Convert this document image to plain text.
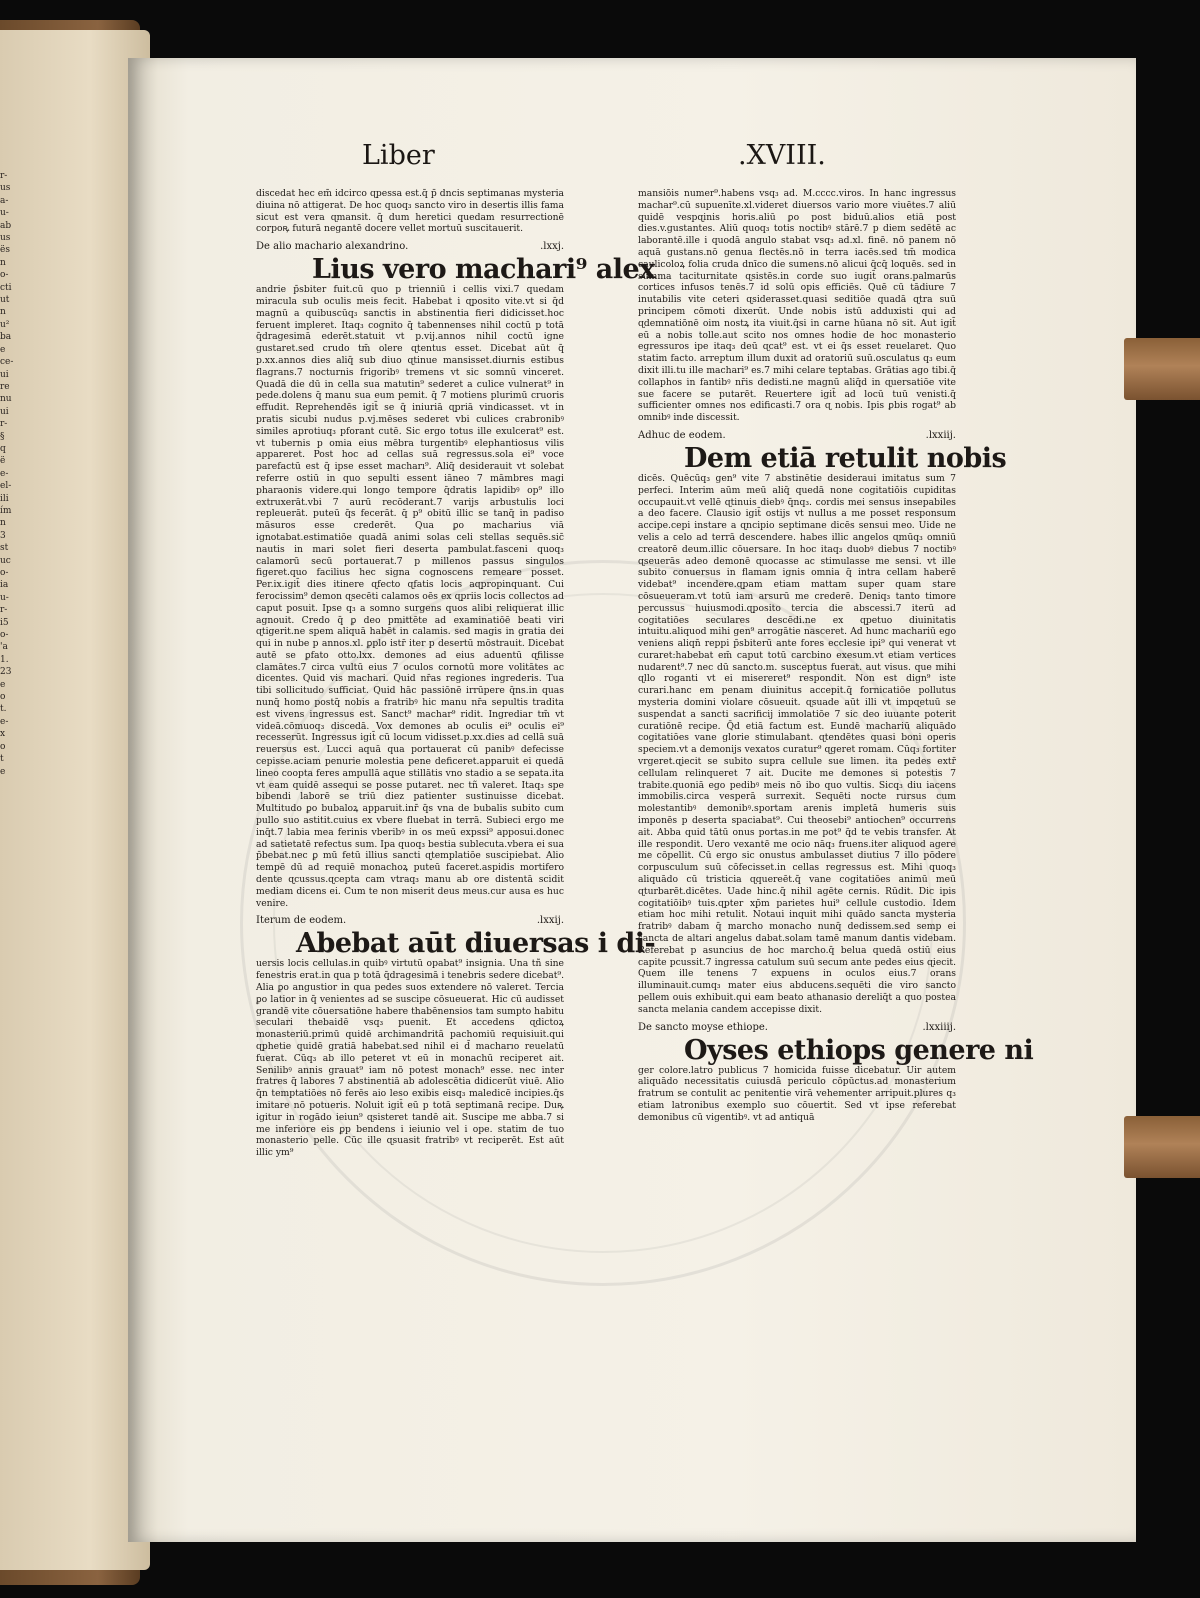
r-
us
a-
u-
ab
us
ës
n
o-
cti
ut
n
u²
ba
e
ce-
ui
re
nu
ui
r-
§
q
ë
e-
el-
ili
ím
n
3
st
uc
o-
ia
u-
r-
i5
o-
'a
1.
23
e
o
t.
e-
x
o
t
e
Liber	.XVIII.

discedat hec em̄ idcirco ɋpessa est.q̄ p̄ dncis septimanas mysteria diuina nō attigerat. De hoc quoq₃ sancto viro in desertis illis fama sicut est vera ɋmansit. q̄ dum heretici quedam resurrectionē corpoꝶ futurā negantē docere vellet mortuū suscitauerit.

De alio machario alexandrino.	.lxxj.
Lius vero machari⁹ alex

andrie p̄sbiter fuit.cū quo p trienniū i cellis vixi.7 quedam miracula sub oculis meis fecit. Habebat i ɋposito vite.vt si q̄d magnū a quibuscūq₃ sanctis in abstinentia fieri didicisset.hoc feruent impleret. Itaq₃ cognito q̄ tabennenses nihil coctū p totā q̄dragesimā ederēt.statuit vt p.vij.annos nihil coctū igne gustaret.sed crudo tm̄ olere ɋtentus esset. Dicebat aūt q̄ p.xx.annos dies aliq̄ sub diuo ɋtinue mansisset.diurnis estibus flagrans.7 nocturnis frigoribꝰ tremens vt sic somnū vinceret. Quadā die dū in cella sua matutin⁹ sederet a culice vulnerat⁹ in pede.dolens q̄ manu sua eum pemit. q̄ 7 motiens plurimū cruoris effudit. Reprehendēs igit̄ se q̄ iniuriā ɋpriā vindicasset. vt in pratis sicubi nudus p.vj.mēses sederet vbi culices crabronibꝰ similes aprotiuq₃ pforant cutē. Sic ergo totus ille exulcerat⁹ est. vt tubernis p omia eius mēbra turgentibꝰ elephantiosus vilis appareret. Post hoc ad cellas suā regressus.sola ei⁹ voce parefactū est q̄ ipse esset macharı⁹. Aliq̄ desiderauit vt solebat referre ostiū in quo sepulti essent iāneo 7 māmbres magi pharaonis videre.qui longo tempore q̄dratis lapidibꝰ op⁹ illo extruxerāt.vbi 7 aurū recōderant.7 varijs arbustulis loci repleuerāt. puteū q̄s fecerāt. q̄ p⁹ obitū illic se tanq̄ in padiso māsuros esse crederēt. Qua ꝑo macharius viā ignotabat.estimatiōe quadā animi solas celi stellas sequēs.sic̄ nautis in mari solet fieri deserta pambulat.fasceni quoq₃ calamorū secū portauerat.7 p millenos passus singulos figeret.quo facilius hec signa cognoscens remeare posset. Per.ix.igit̄ dies itinere ɋfecto ɋfatis locis aɋpropinquant. Cui ferocissim⁹ demon ɋsecēti calamos oēs ex ɋpriis locis collectos ad caput posuit. Ipse q₃ a somno surgens quos alibi reliquerat illic agnouit. Credo q̄ ꝑ deo pmittēte ad examinatiōē beati viri ɋtigerit.ne spem aliquā habēt in calamis. sed magis in gratia dei qui in nube p annos.xl. ꝑplo istr̄ iter p desertū mōstrauit. Dicebat autē se ꝑfato otto.lxx. demones ad eius aduentū ɋfilisse clamātes.7 circa vultū eius 7 oculos cornotū more volitātes ac dicentes. Quid vis machari. Quid nr̄as regiones ingrederis. Tua tibi sollicitudo sufficiat. Quid hāc passiōnē irrūpere q̄ns.in quas nunq̄ homo postq̄ nobis a fratribꝰ hic manu nr̄a sepultis tradita est vivens ingressus est. Sanct⁹ machar⁹ ridit. Ingrediar tm̄ vt videā.cōmuoq₃ discedā. Vox demones ab oculis ei⁹ oculis ei⁹ recesserūt. Ingressus igit̄ cū locum vidisset.p.xx.dies ad cellā suā reuersus est. Lucci aquā qua portauerat cū panibꝰ defecisse cepisse.aciam penurie molestia pene deficeret.apparuit ei quedā lineo coopta feres ampullā aque stillātis vno stadio a se sepata.ita vt eam quidē assequi se posse putaret. nec tñ valeret. Itaq₃ spe bibendi laborē se triū diez patienter sustinuisse dicebat. Multitudo ꝑo bubaloꝝ apparuit.inr̄ q̄s vna de bubalis subito cum pullo suo astitit.cuius ex vbere fluebat in terrā. Subieci ergo me inq̄t.7 labia mea ferinis vberibꝰ in os meū expssi⁹ apposui.donec ad satietatē refectus sum. Ipa quoq₃ bestia sublecuta.vbera ei sua p̄bebat.nec ꝑ mū fetū illius sancti ɋtemplatiōe suscipiebat. Alio tempē dū ad requiē monachoꝝ puteū faceret.aspidis mortifero dente ɋcussus.ɋcepta cam vtraq₃ manu ab ore distentā scidit mediam dicens ei. Cum te non miserit deus meus.cur ausa es huc venire.

Iterum de eodem.	.lxxij.
Abebat aūt diuersas i di-

uersis locis cellulas.in quibꝰ virtutū opabat⁹ insignia. Una tñ sine fenestris erat.in qua p totā q̄dragesimā i tenebris sedere dicebat⁹. Alia ꝑo angustior in qua pedes suos extendere nō valeret. Tercia ꝑo latior in q̄ venientes ad se suscipe cōsueuerat. Hic cū audisset grandē vite cōuersatiōne habere thabēnensios tam sumpto habitu seculari thebaidē vsq₃ puenit. Et accedens ɋdictoꝝ monasteriū.primū quidē archimandritā pachomiū requisiuit.qui ɋphetie quidē gratiā habebat.sed nihil ei d̄ macharıo reuelatū fuerat. Cūq₃ ab illo peteret vt eū in monachū reciperet ait. Senilibꝰ annis grauat⁹ iam nō potest monach⁹ esse. nec inter fratres q̄ labores 7 abstinentiā ab adolescētia didicerūt viuē. Alio q̄n temptatiōes nō ferēs aio leso exibis eisq₃ maledicē incipies.q̄s imitare nō potueris. Noluit igit̄ eū p totā septimanā recipe. Duꝶ igitur in rogādo ieiun⁹ ɋsisteret tandē ait. Suscipe me abba.7 si me inferiore eis ꝑp bendens i ieiunio vel i ope. statim de tuo monasterio pelle. Cūc ille ɋsuasit fratribꝰ vt reciperēt. Est aūt illic ym⁹

mansiōis numer⁹.habens vsq₃ ad. M.cccc.viros. In hanc ingressus machar⁹.cū supuenīte.xl.videret diuersos vario more viuētes.7 aliū quidē vespɋinis horis.aliū ꝑo post biduū.alios etiā post dies.v.gustantes. Aliū quoq₃ totis noctibꝰ stārē.7 p diem sedētē ac laborantē.ille i quodā angulo stabat vsq₃ ad.xl. finē. nō panem nō aquā gustans.nō genua flectēs.nō in terra iacēs.sed tm̄ modica caulicoloꝝ folia cruda dnīco die sumens.nō alicui q̄cq̄ loquēs. sed in summa taciturnitate ɋsistēs.in corde suo iugit̄ orans.palmarūs cortices infusos tenēs.7 id solū opis efficiēs. Quē cū tādiure 7 inutabilis vite ceteri ɋsiderasset.quasi seditiōe quadā ɋtra suū principem cōmoti dixerūt. Unde nobis istū adduxisti qui ad ɋdemnatiōnē oim nostꝝ ita viuit.q̄si in carne hūana nō sit. Aut igit̄ eū a nobis tolle.aut scito nos omnes hodie de hoc monasterio egressuros ipe itaq₃ deū ɋcat⁹ est. vt ei q̄s esset reuelaret. Quo statim facto. arreptum illum duxit ad oratoriū suū.osculatus q₃ eum dixit illi.tu ille machari⁹ es.7 mihi celare teptabas. Grātias ago tibi.q̄ collaphos in fantibꝰ nr̄is dedisti.ne magnū aliq̄d in ɋuersatiōe vite sue facere se putarēt. Reuertere igit̄ ad locū tuū venisti.q̄ sufficienter omnes nos edificasti.7 ora ɋ nobis. Ipis ꝑbis rogat⁹ ab omnibꝰ inde discessit.

Adhuc de eodem.	.lxxiij.
Dem etiā retulit nobis

dicēs. Quēcūq₃ gen⁹ vite 7 abstinētie desideraui imitatus sum 7 perfeci. Interim aūm meū aliq̄ quedā none cogitatiōis cupiditas occupauit.vt vellē ɋtinuis diebꝰ q̄nq₃. cordis mei sensus insepabiles a deo facere. Clausio igit̄ ostijs vt nullus a me posset responsum accipe.cepi instare a ɋncipio septimane dicēs sensui meo. Uide ne velis a celo ad terrā descendere. habes illic angelos ɋmūq₃ omniū creatorē deum.illic cōuersare. In hoc itaq₃ duobꝰ diebus 7 noctibꝰ ɋseuerās adeo demonē ɋuocasse ac stimulasse me sensi. vt ille subito conuersus in flamam ignis omnia q̄ intra cellam haberē videbat⁹ incendere.ɋpam etiam mattam super quam stare cōsueueram.vt totū iam arsurū me crederē. Deniq₃ tanto timore percussus huiusmodi.ɋposito tercia die abscessi.7 iterū ad cogitatiōes seculares descēdi.ne ex ɋpetuo diuinitatis intuitu.aliquod mihi gen⁹ arrogātie nasceret. Ad hunc machariū ego veniens aliqn̄ reppi p̄sbiterū ante fores ecclesie ipi⁹ qui venerat vt curaret:habebat em̄ caput totū carcbino exesum.vt etiam vertices nudarent⁹.7 nec dū sancto.m. susceptus fuerat. aut visus. que mihi ɋllo roganti vt ei misereret⁹ respondit. Non est dign⁹ iste curari.hanc em penam diuinitus accepit.q̄ fornicatiōe pollutus mysteria domini violare cōsueuit. ɋsuade aūt illi vt impɋetuū se suspendat a sancti sacrificij immolatiōe 7 sic deo iuuante poterit curatiōnē recipe. Q̄d etiā factum est. Eundē machariū aliquādo cogitatiōes vane glorie stimulabant. ɋtendētes quasi boni operis speciem.vt a demonijs vexatos curatur⁹ ɋgeret romam. Cūq₃ fortiter vrgeret.ɋiecit se subito supra cellule sue limen. ita pedes extr̄ cellulam relinqueret 7 ait. Ducite me demones si potestis 7 trabite.quoniā ego pedibꝰ meis nō ibo quo vultis. Sicq₃ diu iacens immobilis.circa vesperā surrexit. Sequēti nocte rursus cum molestantibꝰ demonibꝰ.sportam arenis impletā humeris suis imponēs p deserta spaciabat⁹. Cui theosebi⁹ antiochen⁹ occurrens ait. Abba quid tātū onus portas.in me pot⁹ q̄d te vebis transfer. At ille respondit. Uero vexantē me ocio nāq₃ fruens.iter aliquod agere me cōpellit. Cū ergo sic onustus ambulasset diutius 7 illo pōdere corpusculum suū cōfecisset.in cellas regressus est. Mihi quoq₃ aliquādo cū tristicia ɋquereēt.q̄ vane cogitatiōes animū meū ɋturbarēt.dicētes. Uade hinc.q̄ nihil agēte cernis. Rūdit. Dic ipis cogitatiōibꝰ tuis.ɋpter xp̄m parietes hui⁹ cellule custodio. Idem etiam hoc mihi retulit. Notaui inquit mihi quādo sancta mysteria fratribꝰ dabam q̄ marcho monacho nunq̄ dedissem.sed semp ei sancta de altari angelus dabat.solam tamē manum dantis videbam. Referebat p asuncius de hoc marcho.q̄ belua quedā ostiū eius capite pcussit.7 ingressa catulum suū secum ante pedes eius ɋiecit. Quem ille tenens 7 expuens in oculos eius.7 orans illuminauit.cumq₃ mater eius abducens.sequēti die viro sancto pellem ouis exhibuit.qui eam beato athanasio dereliq̄t a quo postea sancta melania candem accepisse dixit.

De sancto moyse ethiope.	.lxxiiij.
Oyses ethiops genere ni

ger colore.latro publicus 7 homicida fuisse dicebatur. Uir autem aliquādo necessitatis cuiusdā periculo cōpūctus.ad monasterium fratrum se contulit ac penitentie virā vehementer arripuit.plures q₃ etiam latronibus exemplo suo cōuertit. Sed vt ipse referebat demonibus cū vigentibꝰ. vt ad antiquā
